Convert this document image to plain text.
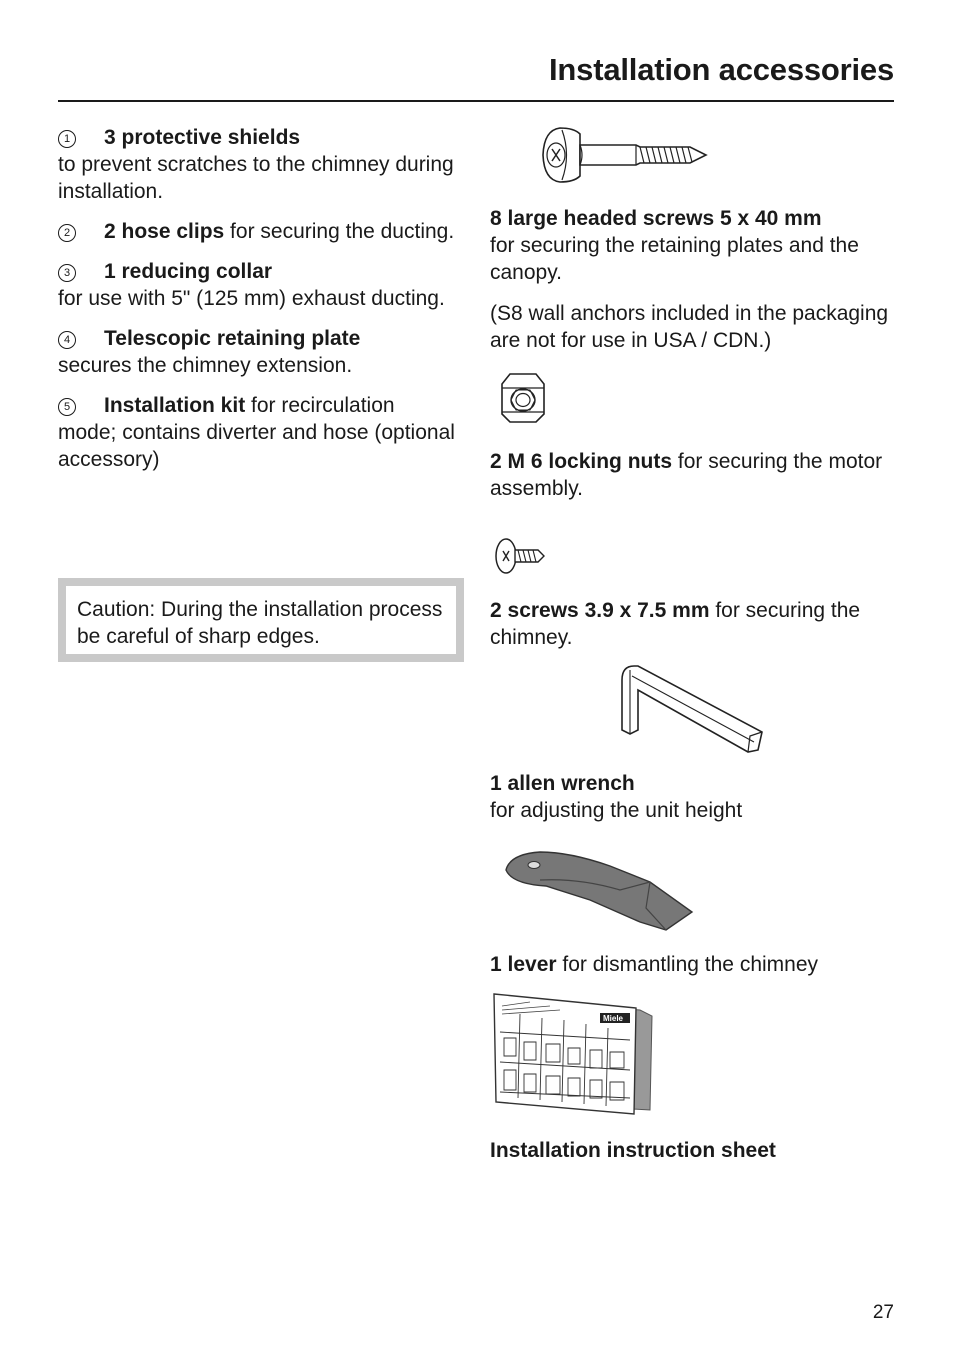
Installation accessories
1 3 protective shields
to prevent scratches to the chimney during installation.
2 2 hose clips for securing the ducting.
3 1 reducing collar
for use with 5" (125 mm) exhaust ducting.
4 Telescopic retaining plate
secures the chimney extension.
5 Installation kit for recirculation mode; contains diverter and hose (optional accessory)
Caution: During the installation process be careful of sharp edges.
8 large headed screws 5 x 40 mm
for securing the retaining plates and the canopy.
(S8 wall anchors included in the packaging are not for use in USA / CDN.)
2 M 6 locking nuts for securing the motor assembly.
2 screws 3.9 x 7.5 mm for securing the chimney.
1 allen wrench
for adjusting the unit height
1 lever for dismantling the chimney
Miele
Installation instruction sheet
27
